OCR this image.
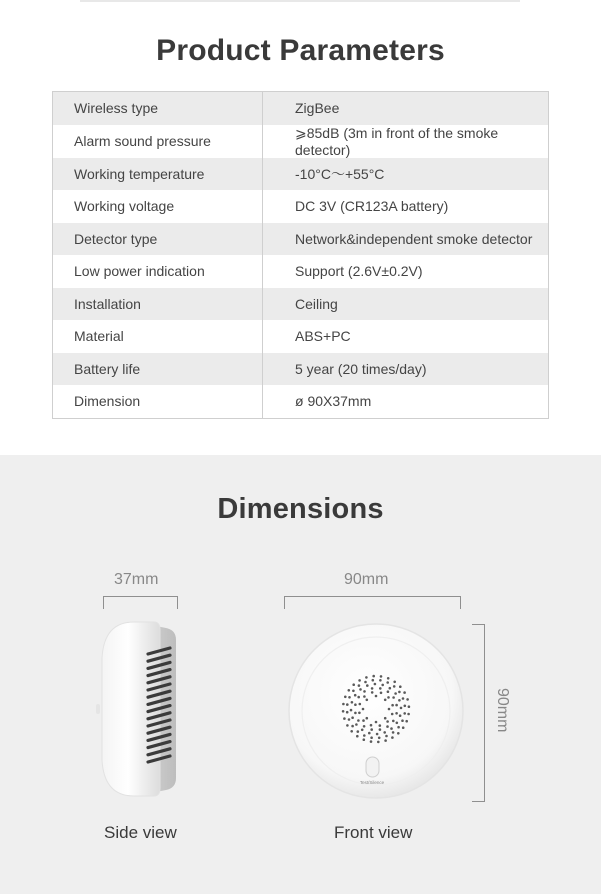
Product Parameters
Wireless type	ZigBee
Alarm sound pressure	⩾85dB (3m in front of the smoke detector)
Working temperature	-10°C～+55°C
Working voltage	DC 3V (CR123A battery)
Detector type	Network&independent smoke detector
Low power indication	Support (2.6V±0.2V)
Installation	Ceiling
Material	ABS+PC
Battery life	5 year (20 times/day)
Dimension	ø 90X37mm
Dimensions
37mm	90mm
90mm
Test/Silence
Side view	Front view
